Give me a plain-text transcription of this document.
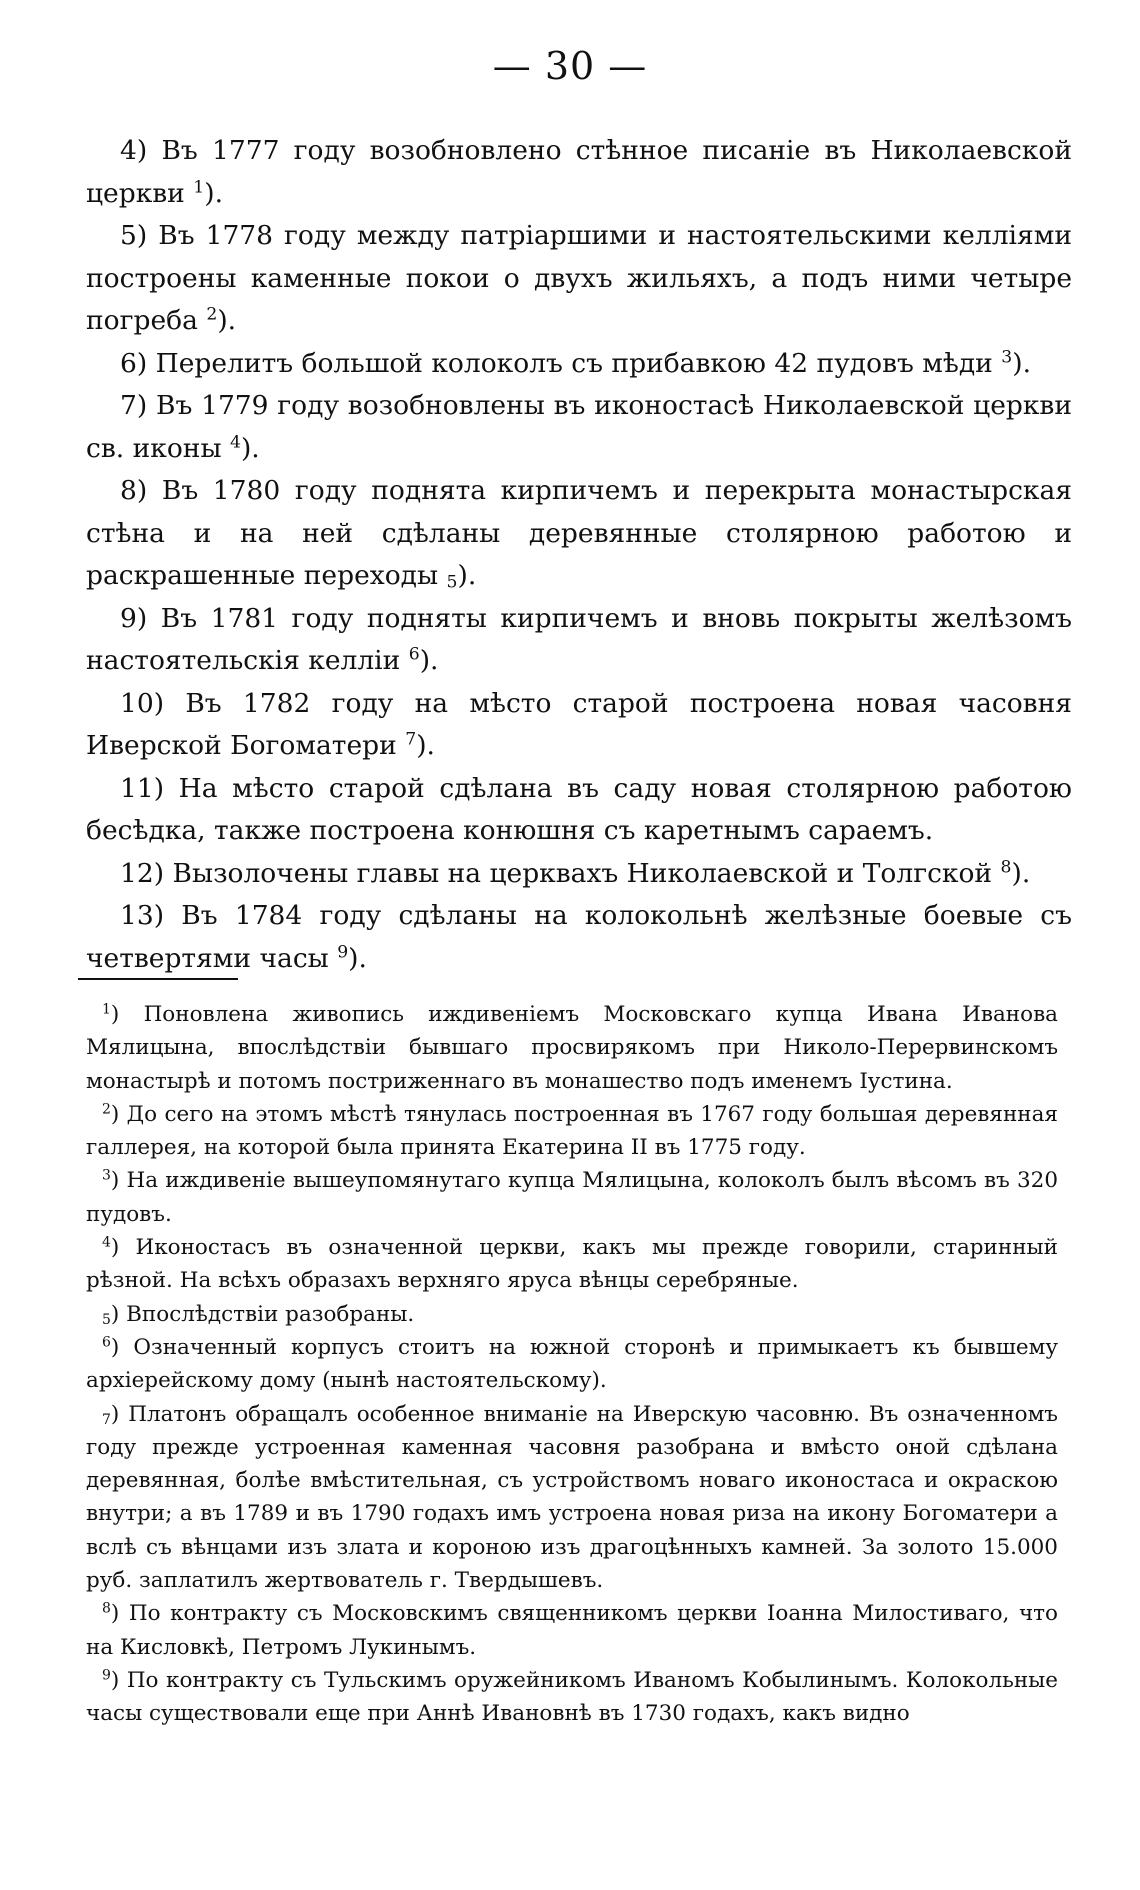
— 30 —

4) Въ 1777 году возобновлено стѣнное писаніе въ Николаевской церкви $^1$).

5) Въ 1778 году между патріаршими и настоятельскими келліями построены каменные покои о двухъ жильяхъ, а подъ ними четыре погреба $^2$).

6) Перелитъ большой колоколъ съ прибавкою 42 пудовъ мѣди $^3$).

7) Въ 1779 году возобновлены въ иконостасѣ Николаевской церкви св. иконы $^4$).

8) Въ 1780 году поднята кирпичемъ и перекрыта монастырская стѣна и на ней сдѣланы деревянные столярною работою и раскрашенные переходы 5).

9) Въ 1781 году подняты кирпичемъ и вновь покрыты желѣзомъ настоятельскія келліи $^6$).

10) Въ 1782 году на мѣсто старой построена новая часовня Иверской Богоматери $^7$).

11) На мѣсто старой сдѣлана въ саду новая столярною работою бесѣдка, также построена конюшня съ каретнымъ сараемъ.

12) Вызолочены главы на церквахъ Николаевской и Толгской $^8$).

13) Въ 1784 году сдѣланы на колокольнѣ желѣзные боевые съ четвертями часы $^9$).

$^1$) Поновлена живопись иждивеніемъ Московскаго купца Ивана Иванова Мялицына, впослѣдствіи бывшаго просвирякомъ при Николо-Перервинскомъ монастырѣ и потомъ постриженнаго въ монашество подъ именемъ Іустина.

$^2$) До сего на этомъ мѣстѣ тянулась построенная въ 1767 году большая деревянная галлерея, на которой была принята Екатерина II въ 1775 году.

$^3$) На иждивеніе вышеупомянутаго купца Мялицына, колоколъ былъ вѣсомъ въ 320 пудовъ.

$^4$) Иконостасъ въ означенной церкви, какъ мы прежде говорили, старинный рѣзной. На всѣхъ образахъ верхняго яруса вѣнцы серебряные.

5) Впослѣдствіи разобраны.

$^6$) Означенный корпусъ стоитъ на южной сторонѣ и примыкаетъ къ бывшему архіерейскому дому (нынѣ настоятельскому).

7) Платонъ обращалъ особенное вниманіе на Иверскую часовню. Въ означенномъ году прежде устроенная каменная часовня разобрана и вмѣсто оной сдѣлана деревянная, болѣе вмѣстительная, съ устройствомъ новаго иконостаса и окраскою внутри; а въ 1789 и въ 1790 годахъ имъ устроена новая риза на икону Богоматери а вслѣ съ вѣнцами изъ злата и короною изъ драгоцѣнныхъ камней. За золото 15.000 руб. заплатилъ жертвователь г. Твердышевъ.

$^8$) По контракту съ Московскимъ священникомъ церкви Іоанна Милостиваго, что на Кисловкѣ, Петромъ Лукинымъ.

$^9$) По контракту съ Тульскимъ оружейникомъ Иваномъ Кобылинымъ. Колокольные часы существовали еще при Аннѣ Ивановнѣ въ 1730 годахъ, какъ видно
